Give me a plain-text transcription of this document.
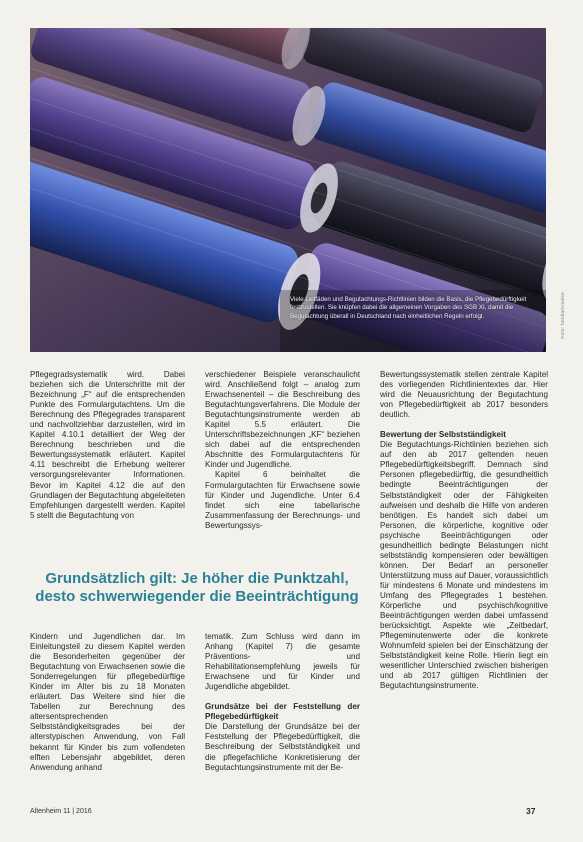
Viele Leitfäden und Begutachtungs-Richtlinien bilden die Basis, die Pflegebedürftigkeit festzustellen. Sie knüpfen dabei die allgemeinen Vorgaben des SGB XI, damit die Begutachtung überall in Deutschland nach einheitlichen Regeln erfolgt.	Foto: fotolia/Ameise

Pflegegradsystematik wird. Dabei beziehen sich die Unterschritte mit der Bezeichnung „F“ auf die entsprechenden Punkte des Formulargutachtens. Um die Berechnung des Pflegegrades transparent und nachvollziehbar darzustellen, wird im Kapitel 4.10.1 detailliert der Weg der Berechnung beschrieben und die Bewertungssystematik erläutert. Kapitel 4.11 beschreibt die Erhebung weiterer versorgungsrelevanter Informationen. Bevor im Kapitel 4.12 die auf den Grundlagen der Begutachtung abgeleiteten Empfehlungen dargestellt werden. Kapitel 5 stellt die Begutachtung von

verschiedener Beispiele veranschaulicht wird. Anschließend folgt – analog zum Erwachsenenteil – die Beschreibung des Begutachtungsverfahrens. Die Module der Begutachtungsinstrumente werden ab Kapitel 5.5 erläutert. Die Unterschriftsbezeichnungen „KF“ beziehen sich dabei auf die entsprechenden Abschnitte des Formulargutachtens für Kinder und Jugendliche.

Kapitel 6 beinhaltet die Formulargutachten für Erwachsene sowie für Kinder und Jugendliche. Unter 6.4 findet sich eine tabellarische Zusammenfassung der Berechnungs- und Bewertungssys-

Bewertungssystematik stellen zentrale Kapitel des vorliegenden Richtlinientextes dar. Hier wird die Neuausrichtung der Begutachtung von Pflegebedürftigkeit ab 2017 besonders deutlich.

Bewertung der Selbstständigkeit

Die Begutachtungs-Richtlinien beziehen sich auf den ab 2017 geltenden neuen Pflegebedürftigkeitsbegriff. Demnach sind Personen pflegebedürftig, die gesundheitlich bedingte Beeinträchtigungen der Selbstständigkeit oder der Fähigkeiten aufweisen und deshalb die Hilfe von anderen benötigen. Es handelt sich dabei um Personen, die körperliche, kognitive oder psychische Beeinträchtigungen oder gesundheitlich bedingte Belastungen nicht selbstständig kompensieren oder bewältigen können. Der Bedarf an personeller Unterstützung muss auf Dauer, voraussichtlich für mindestens 6 Monate und mindestens im Umfang des Pflegegrades 1 bestehen. Körperliche und psychisch/kognitive Beeinträchtigungen werden dabei umfassend berücksichtigt. Aspekte wie „Zeitbedarf, Pflegeminutenwerte oder die konkrete Wohnumfeld spielen bei der Einschätzung der Selbstständigkeit keine Rolle. Hierin liegt ein wesentlicher Unterschied zwischen bisherigen und ab 2017 gültigen Richtlinien der Begutachtungsinstrumente.

Grundsätzlich gilt: Je höher die Punktzahl, desto schwerwiegender die Beeinträchtigung

Kindern und Jugendlichen dar. Im Einleitungsteil zu diesem Kapitel werden die Besonderheiten gegenüber der Begutachtung von Erwachsenen sowie die Sonderregelungen für pflegebedürftige Kinder im Alter bis zu 18 Monaten erläutert. Das Weitere sind hier die Tabellen zur Berechnung des altersentsprechenden Selbstständigkeitsgrades bei der alterstypischen Anwendung, von Fall bekannt für Kinder bis zum vollendeten elften Lebensjahr abgebildet, deren Anwendung anhand

tematik. Zum Schluss wird dann im Anhang (Kapitel 7) die gesamte Präventions- und Rehabilitationsempfehlung jeweils für Erwachsene und für Kinder und Jugendliche abgebildet.

Grundsätze bei der Feststellung der Pflegebedürftigkeit

Die Darstellung der Grundsätze bei der Feststellung der Pflegebedürftigkeit, die Beschreibung der Selbstständigkeit und die pflegefachliche Konkretisierung der Begutachtungsinstrumente mit der Be-

Altenheim 11 | 2016	37
